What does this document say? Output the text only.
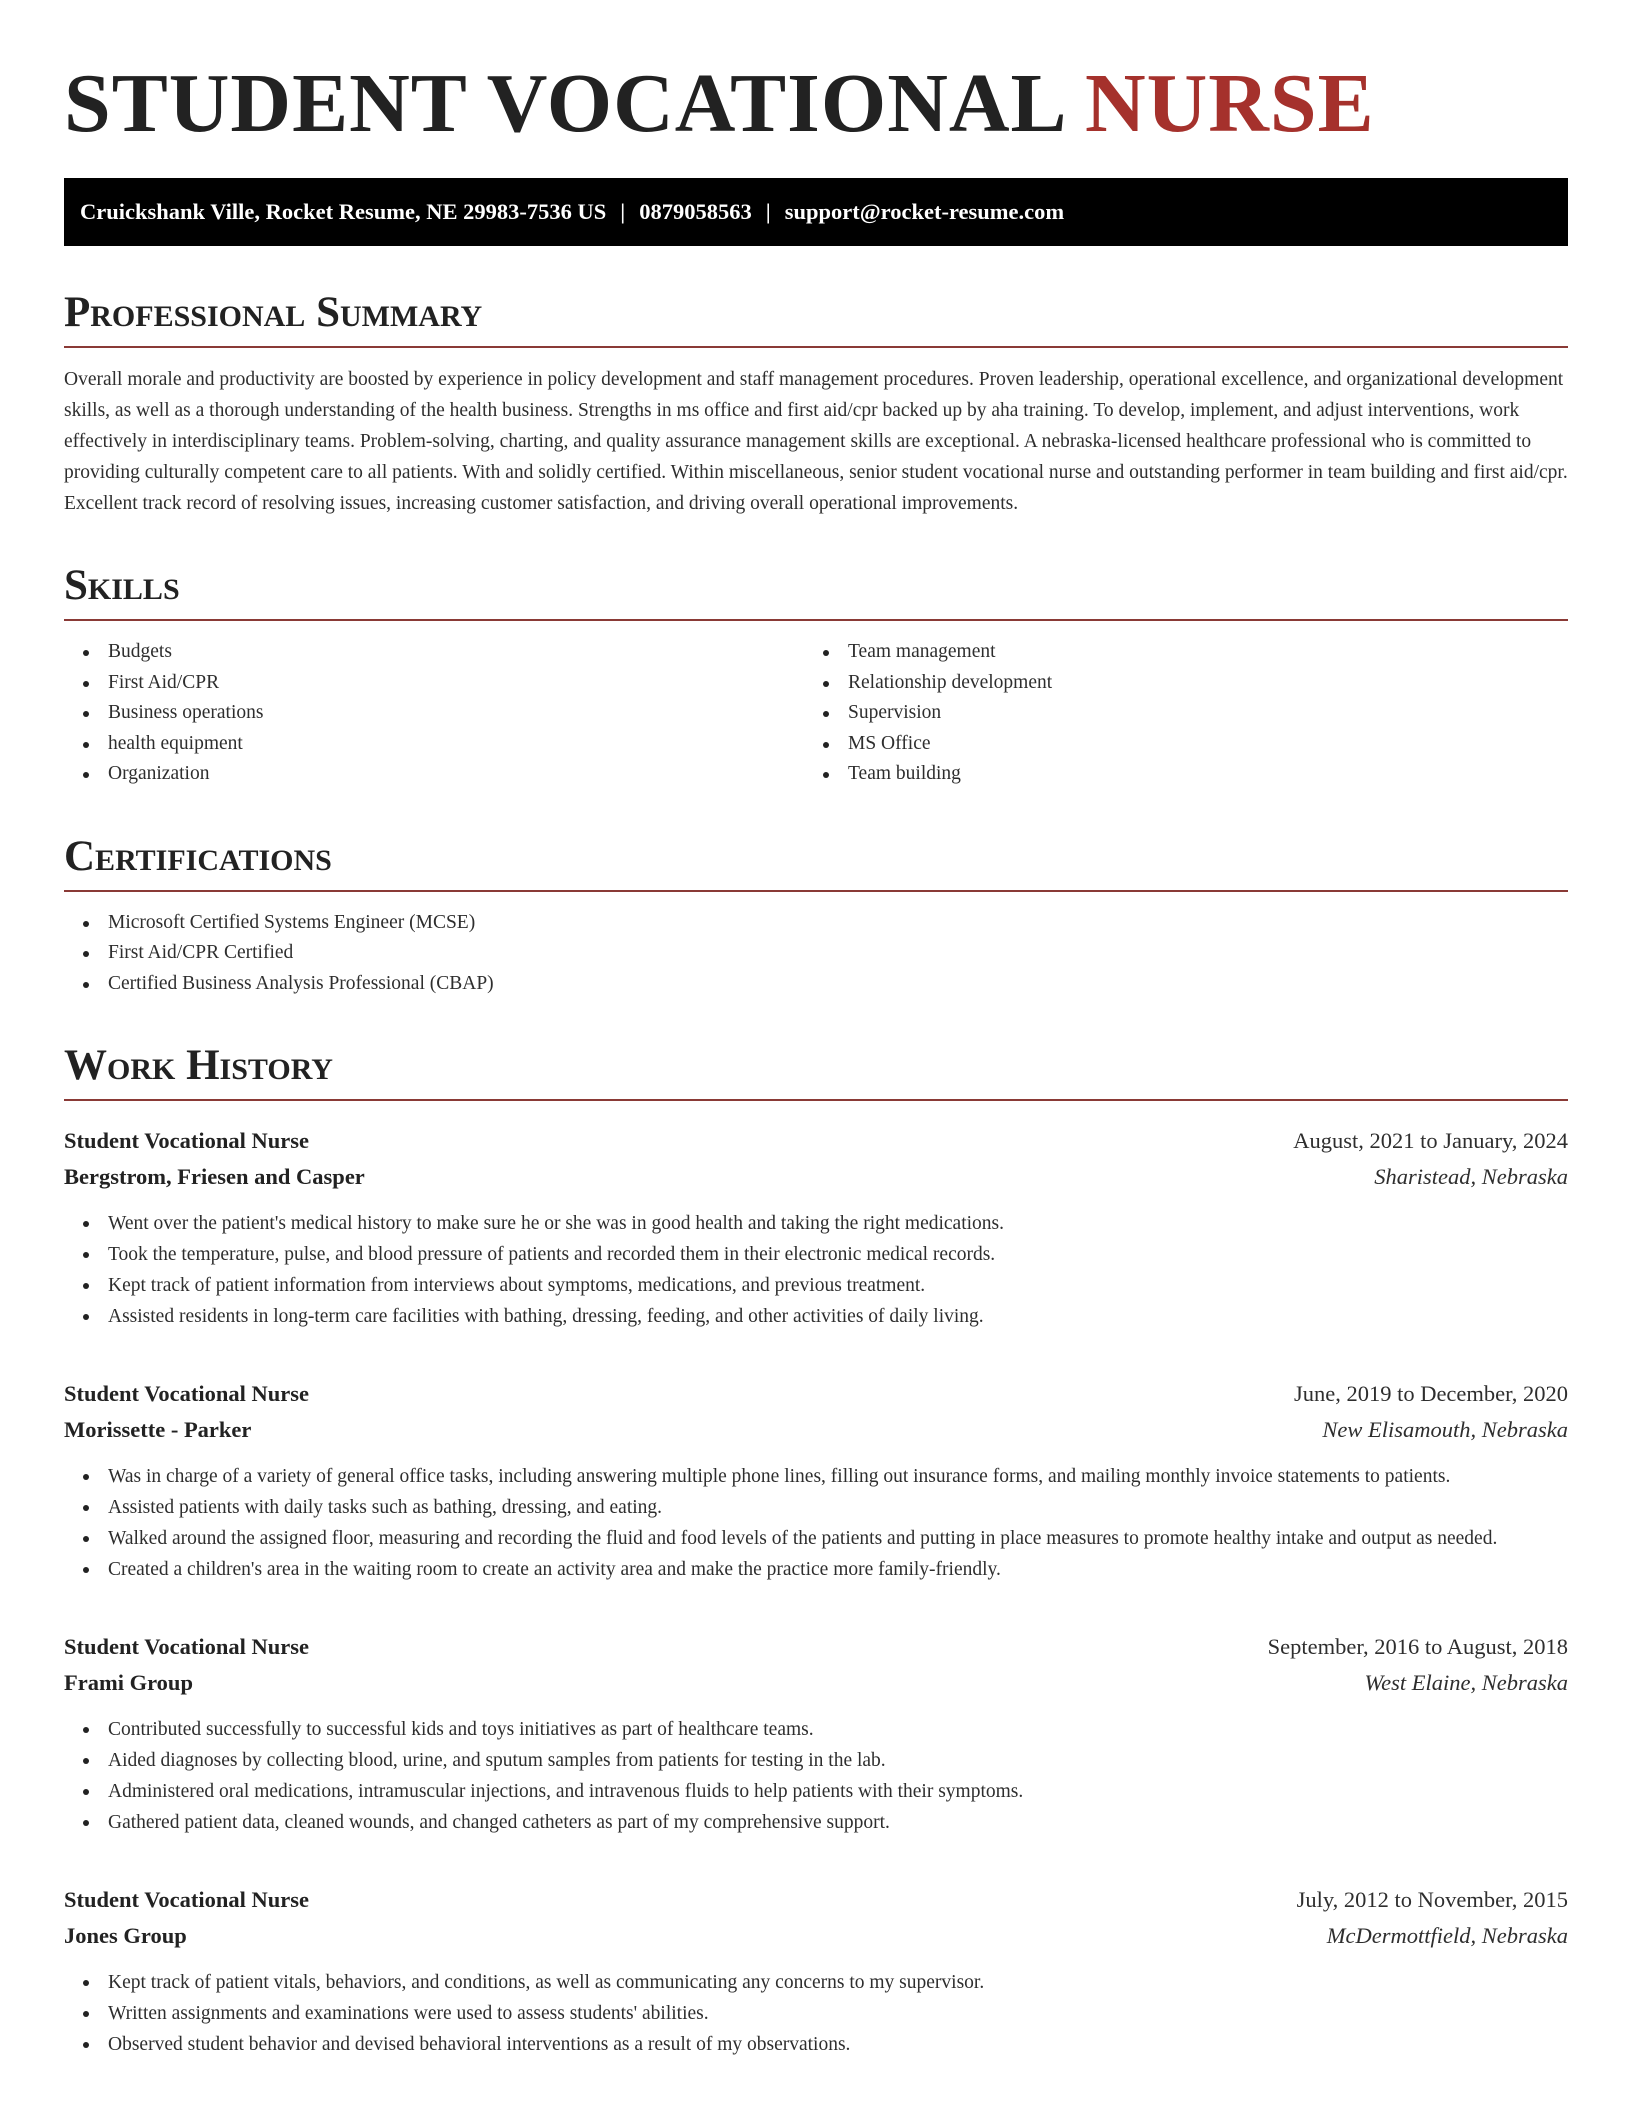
STUDENT VOCATIONAL NURSE
Cruickshank Ville, Rocket Resume, NE 29983-7536 US | 0879058563 | support@rocket-resume.com
Professional Summary

Overall morale and productivity are boosted by experience in policy development and staff management procedures. Proven leadership, operational excellence, and organizational development skills, as well as a thorough understanding of the health business. Strengths in ms office and first aid/cpr backed up by aha training. To develop, implement, and adjust interventions, work effectively in interdisciplinary teams. Problem-solving, charting, and quality assurance management skills are exceptional. A nebraska-licensed healthcare professional who is committed to providing culturally competent care to all patients. With and solidly certified. Within miscellaneous, senior student vocational nurse and outstanding performer in team building and first aid/cpr. Excellent track record of resolving issues, increasing customer satisfaction, and driving overall operational improvements.

Skills
Budgets
First Aid/CPR
Business operations
health equipment
Organization
Team management
Relationship development
Supervision
MS Office
Team building
Certifications
Microsoft Certified Systems Engineer (MCSE)
First Aid/CPR Certified
Certified Business Analysis Professional (CBAP)
Work History
Student Vocational Nurse	August, 2021 to January, 2024
Bergstrom, Friesen and Casper	Sharistead, Nebraska
Went over the patient's medical history to make sure he or she was in good health and taking the right medications.
Took the temperature, pulse, and blood pressure of patients and recorded them in their electronic medical records.
Kept track of patient information from interviews about symptoms, medications, and previous treatment.
Assisted residents in long-term care facilities with bathing, dressing, feeding, and other activities of daily living.
Student Vocational Nurse	June, 2019 to December, 2020
Morissette - Parker	New Elisamouth, Nebraska
Was in charge of a variety of general office tasks, including answering multiple phone lines, filling out insurance forms, and mailing monthly invoice statements to patients.
Assisted patients with daily tasks such as bathing, dressing, and eating.
Walked around the assigned floor, measuring and recording the fluid and food levels of the patients and putting in place measures to promote healthy intake and output as needed.
Created a children's area in the waiting room to create an activity area and make the practice more family-friendly.
Student Vocational Nurse	September, 2016 to August, 2018
Frami Group	West Elaine, Nebraska
Contributed successfully to successful kids and toys initiatives as part of healthcare teams.
Aided diagnoses by collecting blood, urine, and sputum samples from patients for testing in the lab.
Administered oral medications, intramuscular injections, and intravenous fluids to help patients with their symptoms.
Gathered patient data, cleaned wounds, and changed catheters as part of my comprehensive support.
Student Vocational Nurse	July, 2012 to November, 2015
Jones Group	McDermottfield, Nebraska
Kept track of patient vitals, behaviors, and conditions, as well as communicating any concerns to my supervisor.
Written assignments and examinations were used to assess students' abilities.
Observed student behavior and devised behavioral interventions as a result of my observations.
